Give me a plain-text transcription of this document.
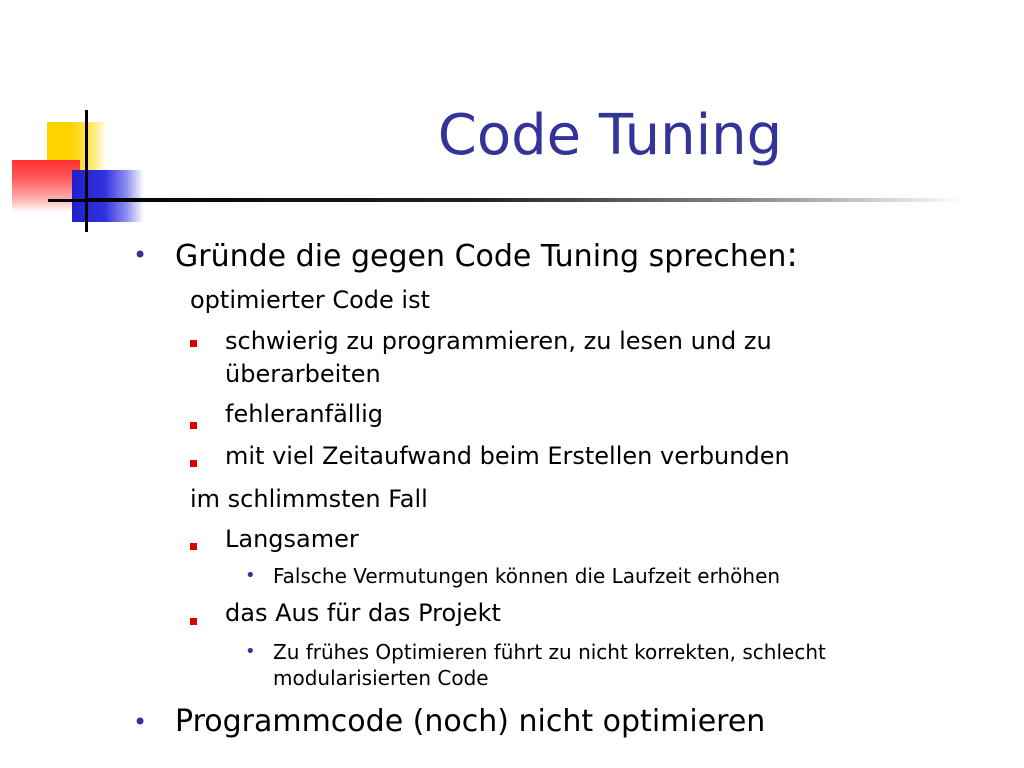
Code Tuning
• Gründe die gegen Code Tuning sprechen:
optimierter Code ist
schwierig zu programmieren, zu lesen und zu
überarbeiten
fehleranfällig
mit viel Zeitaufwand beim Erstellen verbunden
im schlimmsten Fall
Langsamer
• Falsche Vermutungen können die Laufzeit erhöhen
das Aus für das Projekt
• Zu frühes Optimieren führt zu nicht korrekten, schlecht
modularisierten Code
• Programmcode (noch) nicht optimieren
